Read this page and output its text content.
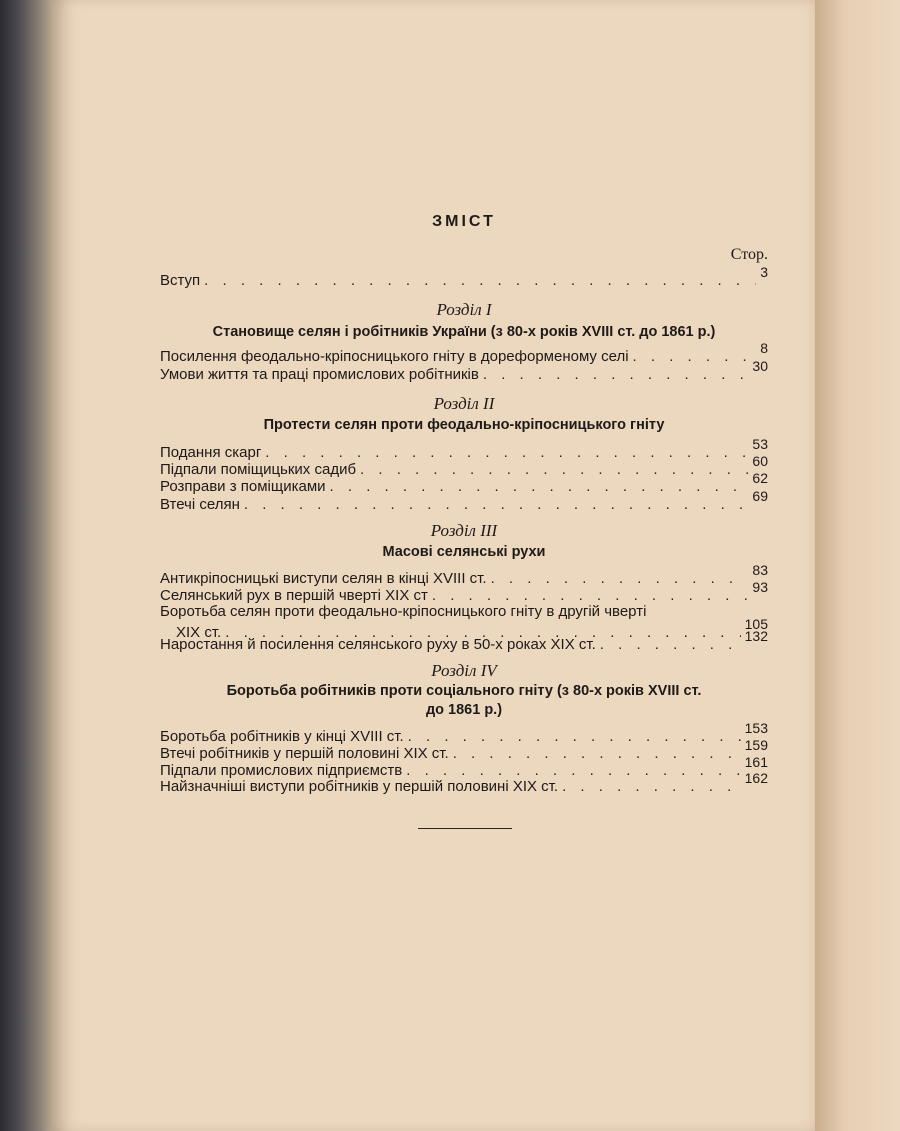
ЗМІСТ
Стор.
Вступ . . .	3
Розділ I
Становище селян і робітників України (з 80-х років XVIII ст. до 1861 р.)
Посилення феодально-кріпосницького гніту в дореформеному селі . . .	8
Умови життя та праці промислових робітників . . .	30
Розділ II
Протести селян проти феодально-кріпосницького гніту
Подання скарг . . .	53
Підпали поміщицьких садиб . . .	60
Розправи з поміщиками . . .	62
Втечі селян . . .	69
Розділ III
Масові селянські рухи
Антикріпосницькі виступи селян в кінці XVIII ст. . . .	83
Селянський рух в першій чверті XIX ст . . .	93
Боротьба селян проти феодально-кріпосницького гніту в другій чверті
XIX ст. . . .	105
Наростання й посилення селянського руху в 50-х роках XIX ст. . . .	132
Розділ IV
Боротьба робітників проти соціального гніту (з 80-х років XVIII ст.
до 1861 р.)
Боротьба робітників у кінці XVIII ст. . . .	153
Втечі робітників у першій половині XIX ст. . . .	159
Підпали промислових підприємств . . .	161
Найзначніші виступи робітників у першій половині XIX ст. . . .	162
